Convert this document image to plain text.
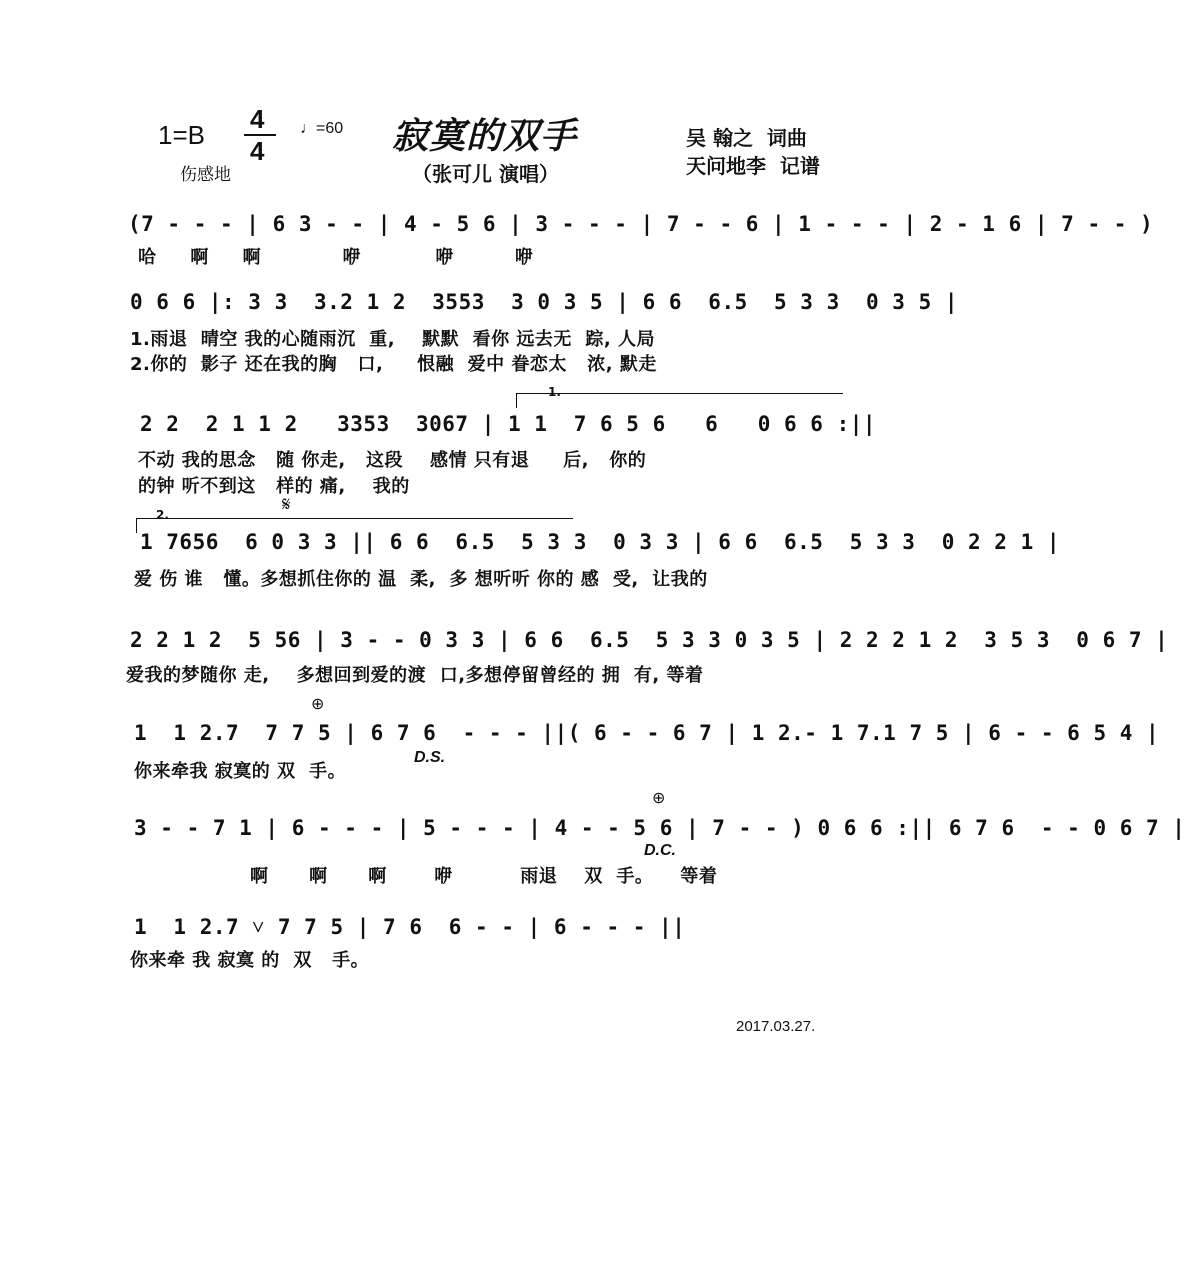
1=B
4
4
♩=60
伤感地
寂寞的双手
（张可儿 演唱）
吴 翰之  词曲
天问地李  记谱
(7 - - - | 6 3 - - | 4 - 5 6 | 3 - - - | 7 - - 6 | 1 - - - | 2 - 1 6 | 7 - - )
哈     啊     啊            咿           咿         咿
0 6 6 |: 3 3  3.2 1 2  3553  3 0 3 5 | 6 6  6.5  5 3 3  0 3 5 |
1.雨退  晴空 我的心随雨沉  重,    默默  看你 远去无  踪, 人局
2.你的  影子 还在我的胸   口,     恨融  爱中 眷恋太   浓, 默走
1.
2 2  2 1 1 2   3353  3067 | 1 1  7 6 5 6   6   0 6 6 :||
不动 我的思念   随 你走,   这段    感情 只有退     后,   你的
的钟 听不到这   样的 痛,    我的
2.	𝄋
1 7656  6 0 3 3 || 6 6  6.5  5 3 3  0 3 3 | 6 6  6.5  5 3 3  0 2 2 1 |
爱 伤 谁   懂。多想抓住你的 温  柔,  多 想听听 你的 感  受,  让我的
2 2 1 2  5 56 | 3 - - 0 3 3 | 6 6  6.5  5 3 3 0 3 5 | 2 2 2 1 2  3 5 3  0 6 7 |
爱我的梦随你 走,    多想回到爱的渡  口,多想停留曾经的 拥  有, 等着
⊕
1  1 2.7  7 7 5 | 6 7 6  - - - ||( 6 - - 6 7 | 1 2.- 1 7.1 7 5 | 6 - - 6 5 4 |
你来牵我 寂寞的 双  手。
D.S.
⊕
3 - - 7 1 | 6 - - - | 5 - - - | 4 - - 5 6 | 7 - - ) 0 6 6 :|| 6 7 6  - - 0 6 7 |
D.C.
啊      啊      啊       咿          雨退    双  手。    等着
1  1 2.7 ˅ 7 7 5 | 7 6  6 - - | 6 - - - ||
你来牵 我 寂寞 的  双   手。
2017.03.27.
